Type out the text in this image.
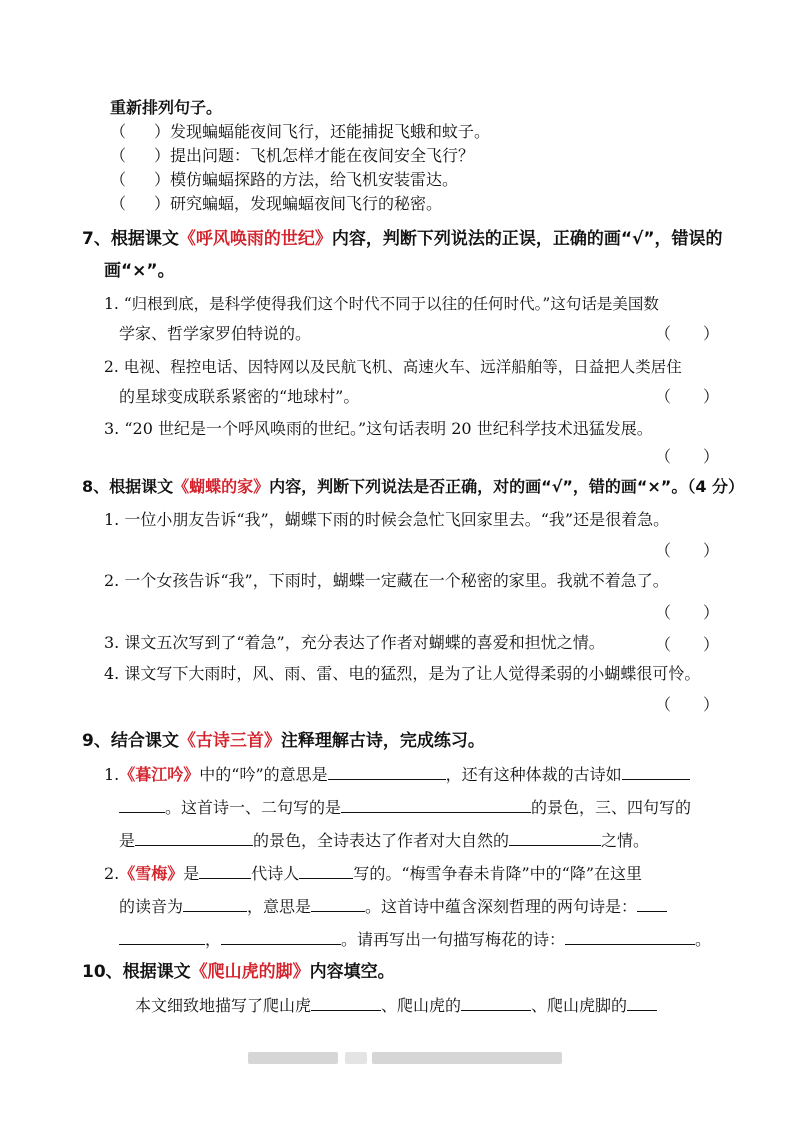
重新排列句子。
（ ）发现蝙蝠能夜间飞行，还能捕捉飞蛾和蚊子。
（ ）提出问题：飞机怎样才能在夜间安全飞行？
（ ）模仿蝙蝠探路的方法，给飞机安装雷达。
（ ）研究蝙蝠，发现蝙蝠夜间飞行的秘密。
7、根据课文《呼风唤雨的世纪》内容，判断下列说法的正误，正确的画“√”，错误的
画“×”。
1. “归根到底，是科学使得我们这个时代不同于以往的任何时代。”这句话是美国数
学家、哲学家罗伯特说的。	（　　）
2. 电视、程控电话、因特网以及民航飞机、高速火车、远洋船舶等，日益把人类居住
的星球变成联系紧密的“地球村”。	（　　）
3. “20 世纪是一个呼风唤雨的世纪。”这句话表明 20 世纪科学技术迅猛发展。
（　　）
8、根据课文《蝴蝶的家》内容，判断下列说法是否正确，对的画“√”，错的画“×”。（4 分）
1. 一位小朋友告诉“我”，蝴蝶下雨的时候会急忙飞回家里去。“我”还是很着急。
（　　）
2. 一个女孩告诉“我”，下雨时，蝴蝶一定藏在一个秘密的家里。我就不着急了。
（　　）
3. 课文五次写到了“着急”，充分表达了作者对蝴蝶的喜爱和担忧之情。	（　　）
4. 课文写下大雨时，风、雨、雷、电的猛烈，是为了让人觉得柔弱的小蝴蝶很可怜。
（　　）
9、结合课文《古诗三首》注释理解古诗，完成练习。
1.《暮江吟》中的“吟”的意思是	，还有这种体裁的古诗如
。这首诗一、二句写的是	的景色，三、四句写的
是	的景色，全诗表达了作者对大自然的	之情。
2.《雪梅》是	代诗人	写的。“梅雪争春未肯降”中的“降”在这里
的读音为	，意思是	。这首诗中蕴含深刻哲理的两句诗是：
，	。请再写出一句描写梅花的诗：	。
10、根据课文《爬山虎的脚》内容填空。
本文细致地描写了爬山虎	、爬山虎的	、爬山虎脚的
